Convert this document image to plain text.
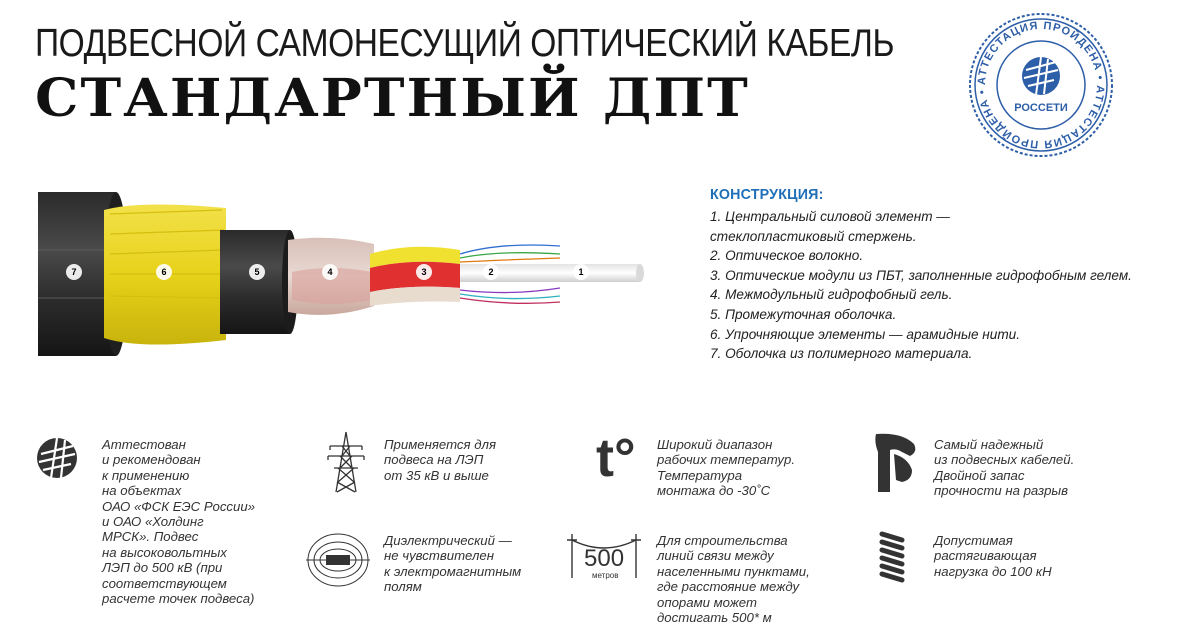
ПОДВЕСНОЙ САМОНЕСУЩИЙ ОПТИЧЕСКИЙ КАБЕЛЬ
СТАНДАРТНЫЙ ДПТ	АТТЕСТАЦИЯ ПРОЙДЕНА • АТТЕСТАЦИЯ ПРОЙДЕНА •
РОССЕТИ
7	6	5	4	3	2	1
КОНСТРУКЦИЯ:
1. Центральный силовой элемент —
стеклопластиковый стержень.
2. Оптическое волокно.
3. Оптические модули из ПБТ, заполненные гидрофобным гелем.
4. Межмодульный гидрофобный гель.
5. Промежуточная оболочка.
6. Упрочняющие элементы — арамидные нити.
7. Оболочка из полимерного материала.
Аттестован
и рекомендован
к применению
на объектах
ОАО «ФСК ЕЭС России»
и ОАО «Холдинг
МРСК». Подвес
на высоковольтных
ЛЭП до 500 кВ (при
соответствующем
расчете точек подвеса)
Применяется для
подвеса на ЛЭП
от 35 кВ и выше	t° Широкий диапазон
рабочих температур.
Температура
монтажа до -30˚С
Самый надежный
из подвесных кабелей.
Двойной запас
прочности на разрыв
Диэлектрический —
не чувствителен
к электромагнитным
полям
500
метров
Для строительства
линий связи между
населенными пунктами,
где расстояние между
опорами может
достигать 500* м
Допустимая
растягивающая
нагрузка до 100 кН
